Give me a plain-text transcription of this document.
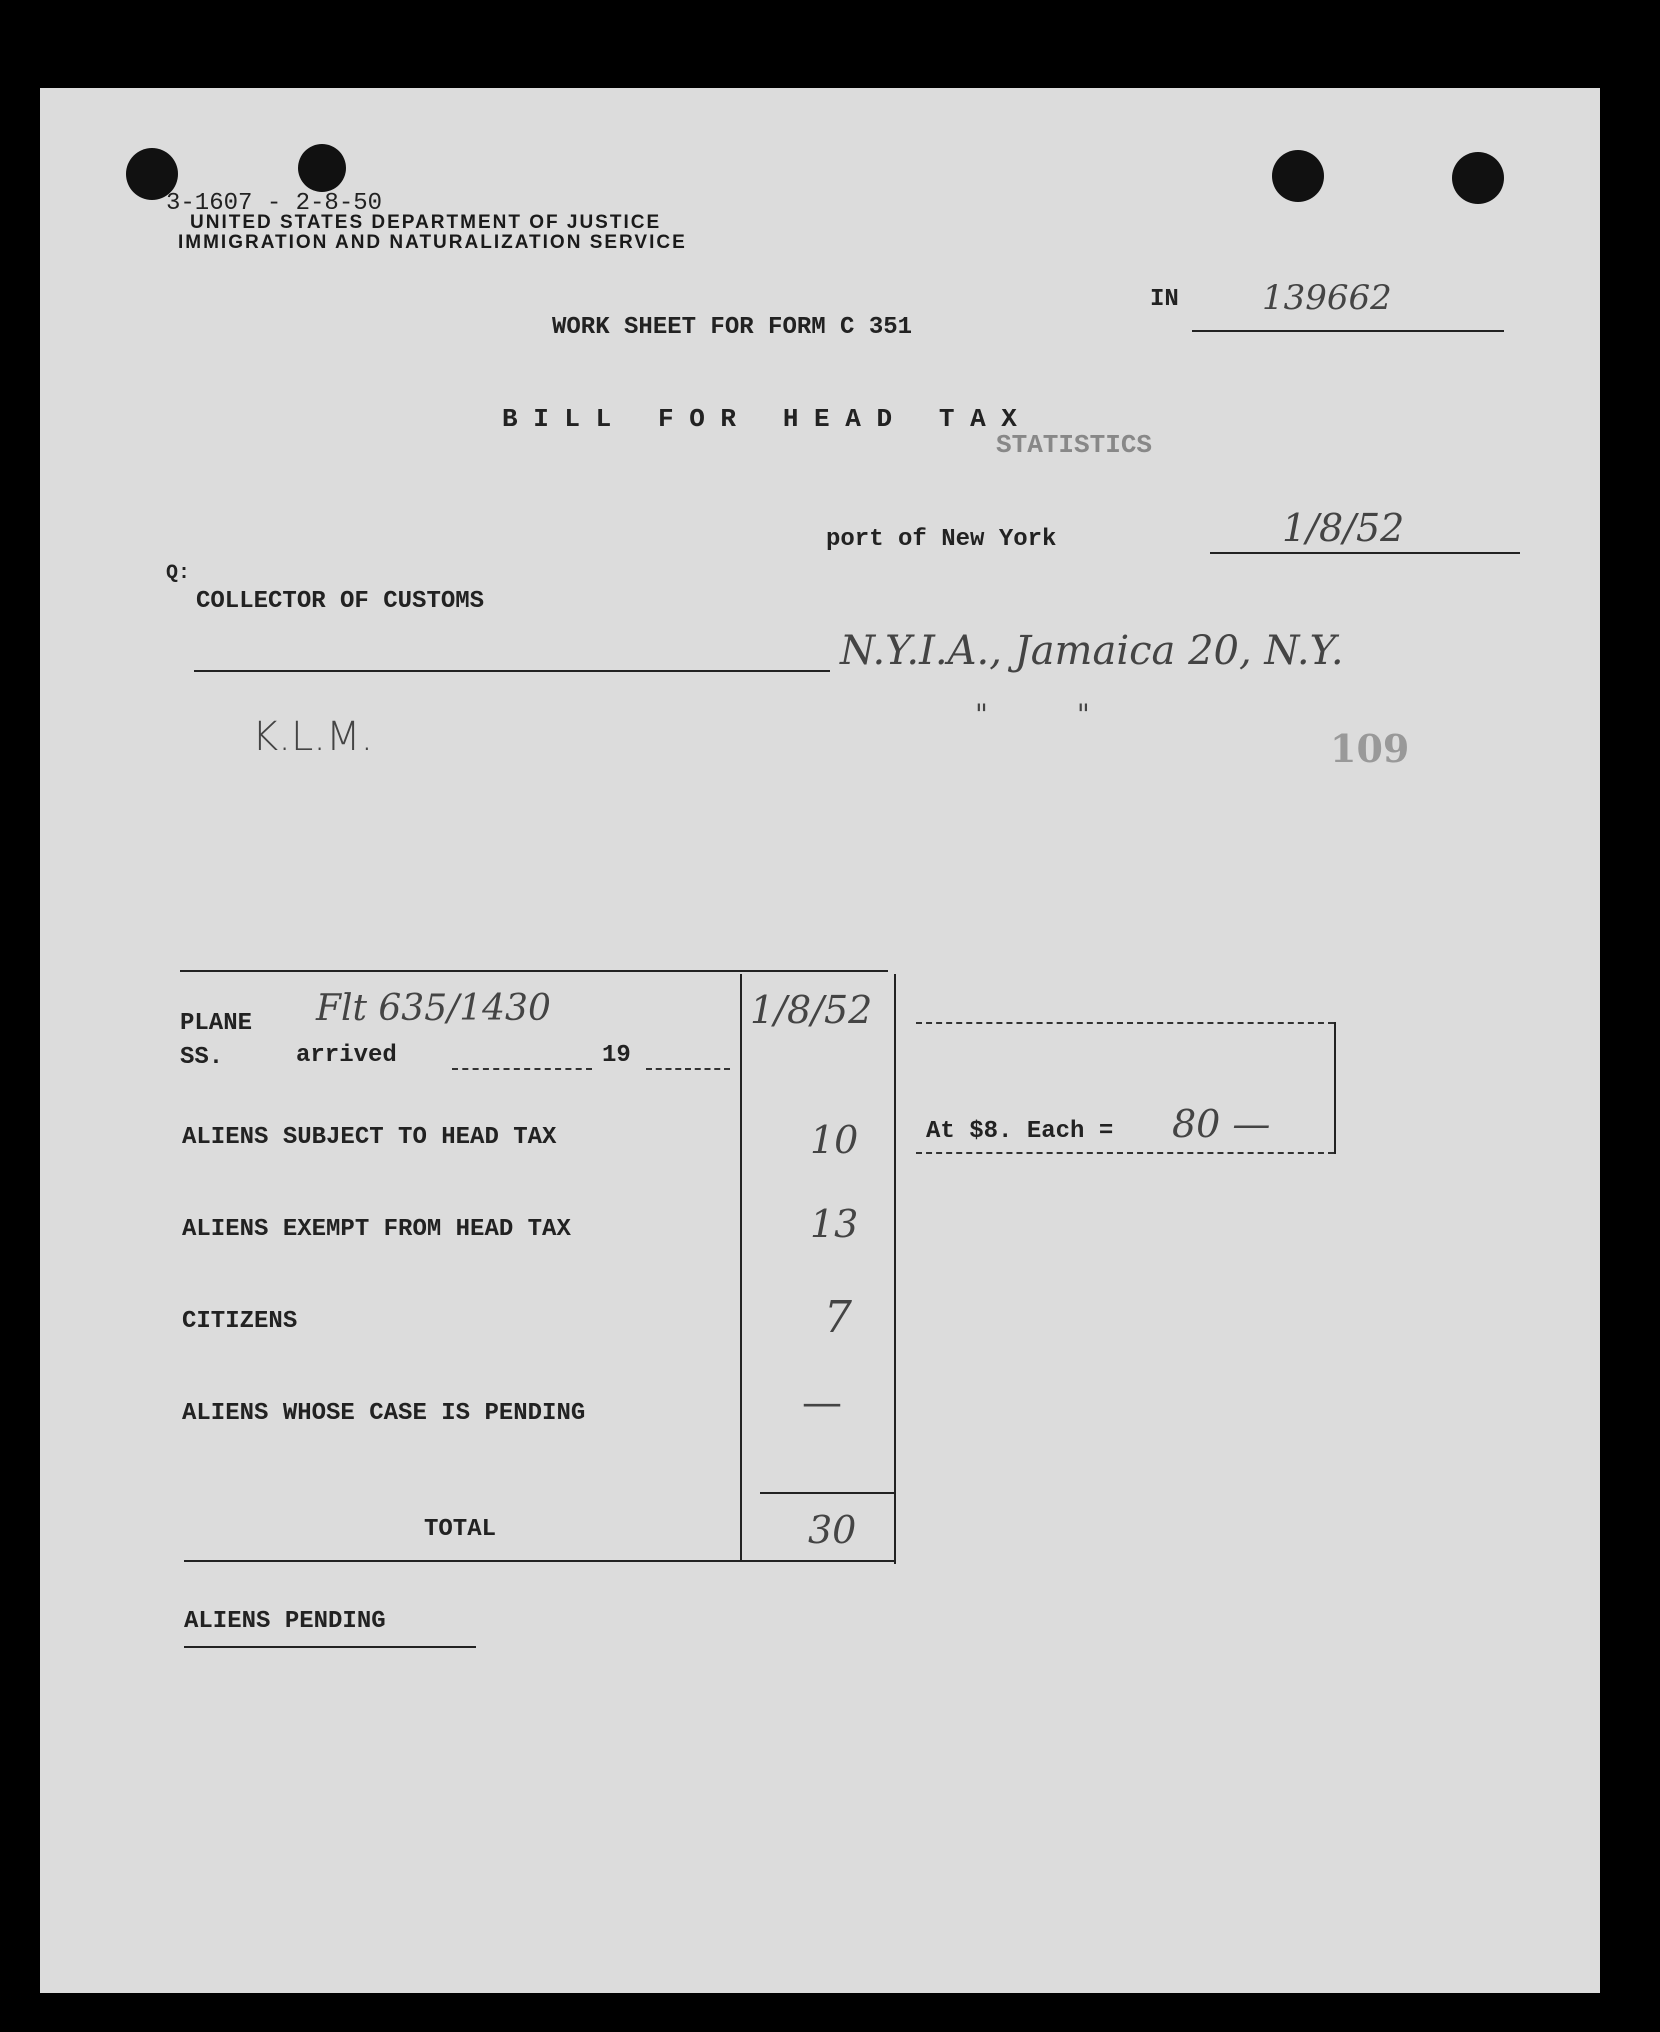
3-1607 - 2-8-50
UNITED STATES DEPARTMENT OF JUSTICE
IMMIGRATION AND NATURALIZATION SERVICE
IN 139662
WORK SHEET FOR FORM C 351
B I L L   F O R   H E A D   T A X
STATISTICS
port of New York	1/8/52
Q:
COLLECTOR OF CUSTOMS
N.Y.I.A., Jamaica 20, N.Y.
"          "
K.L.M.	109
PLANE Flt 635/1430	1/8/52
SS.	arrived	19
ALIENS SUBJECT TO HEAD TAX	10
ALIENS EXEMPT FROM HEAD TAX	13
CITIZENS	7
ALIENS WHOSE CASE IS PENDING	—
TOTAL	30
At $8. Each = 80 —
ALIENS PENDING
